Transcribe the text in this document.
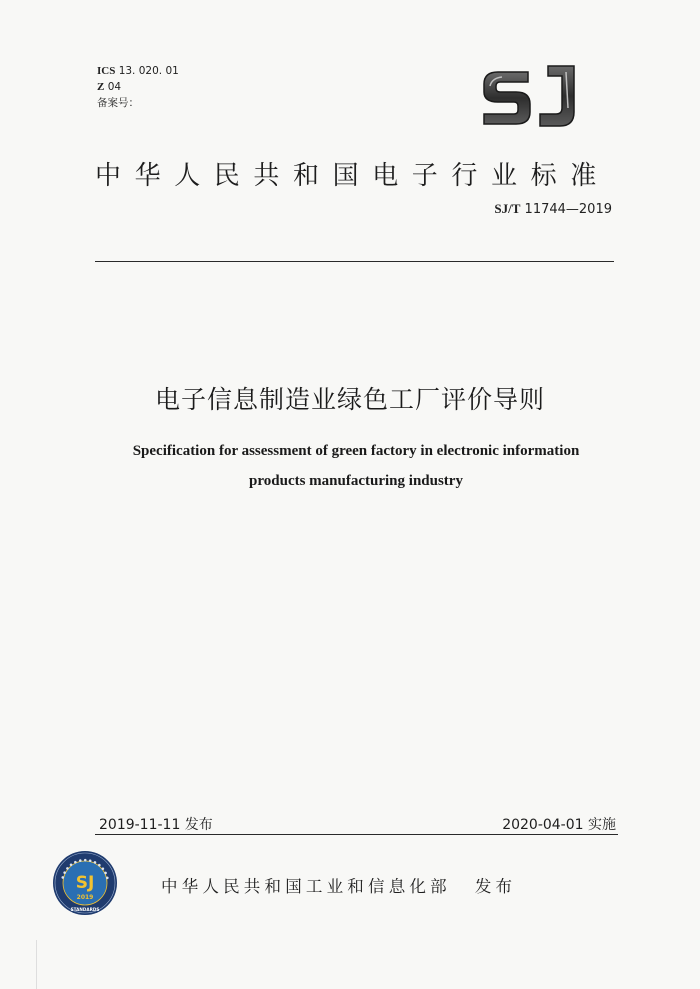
ICS 13. 020. 01
Z 04
备案号：
中华人民共和国电子行业标准
SJ/T 11744—2019
电子信息制造业绿色工厂评价导则
Specification for assessment of green factory in electronic information
products manufacturing industry
2019-11-11 发布	2020-04-01 实施
● ● ● ● ● ● ● ● ● ● ● ● ●
SJ
2019
STANDARDS
中华人民共和国工业和信息化部 发布
